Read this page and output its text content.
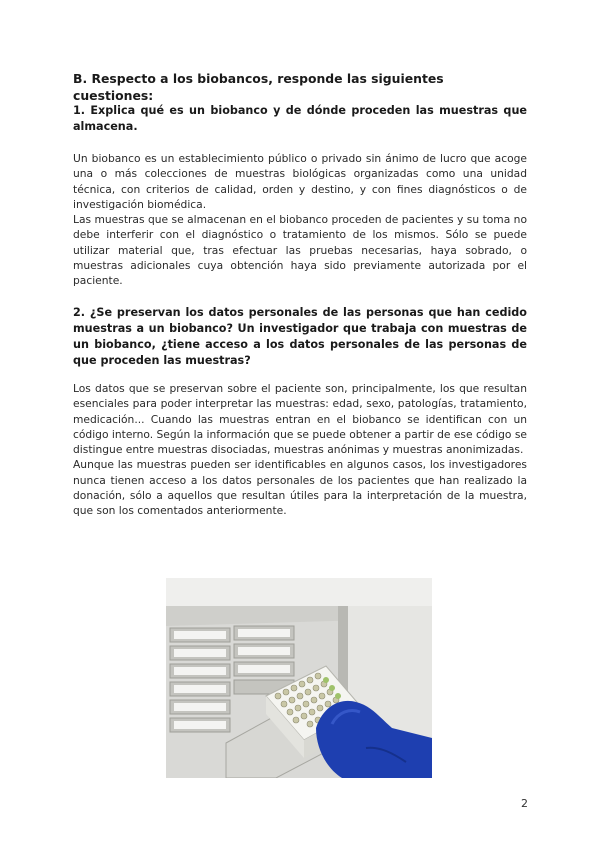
B. Respecto a los biobancos, responde las siguientes cuestiones:

1. Explica qué es un biobanco y de dónde proceden las muestras que almacena.

Un biobanco es un establecimiento público o privado sin ánimo de lucro que acoge una o más colecciones de muestras biológicas organizadas como una unidad técnica, con criterios de calidad, orden y destino, y con fines diagnósticos o de investigación biomédica.

Las muestras que se almacenan en el biobanco proceden de pacientes y su toma no debe interferir con el diagnóstico o tratamiento de los mismos. Sólo se puede utilizar material que, tras efectuar las pruebas necesarias, haya sobrado, o muestras adicionales cuya obtención haya sido previamente autorizada por el paciente.

2. ¿Se preservan los datos personales de las personas que han cedido muestras a un biobanco? Un investigador que trabaja con muestras de un biobanco, ¿tiene acceso a los datos personales de las personas de que proceden las muestras?

Los datos que se preservan sobre el paciente son, principalmente, los que resultan esenciales para poder interpretar las muestras: edad, sexo, patologías, tratamiento, medicación... Cuando las muestras entran en el biobanco se identifican con un código interno. Según la información que se puede obtener a partir de ese código se distingue entre muestras disociadas, muestras anónimas y muestras anonimizadas.

Aunque las muestras pueden ser identificables en algunos casos, los investigadores nunca tienen acceso a los datos personales de los pacientes que han realizado la donación, sólo a aquellos que resultan útiles para la interpretación de la muestra, que son los comentados anteriormente.

2
